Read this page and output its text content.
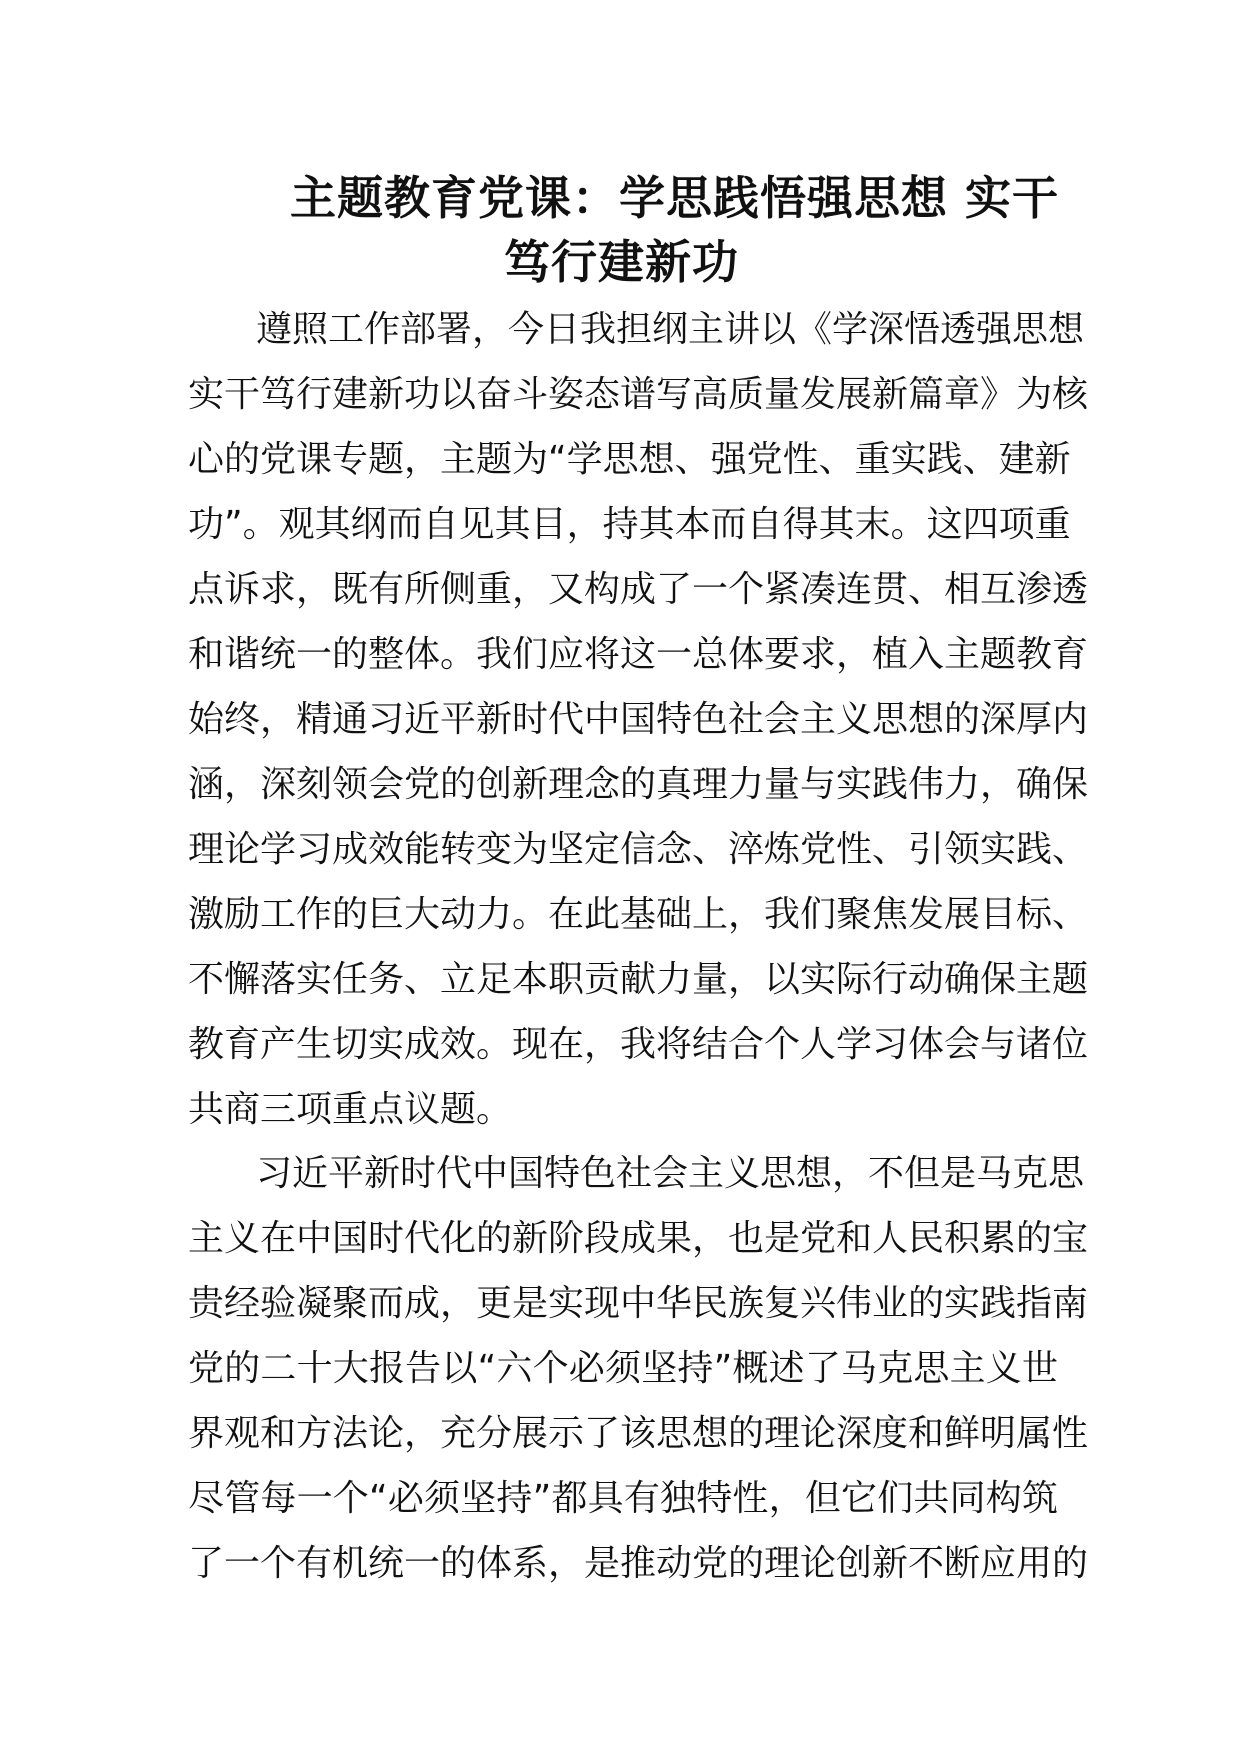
主题教育党课：学思践悟强思想 实干
笃行建新功
遵照工作部署，今日我担纲主讲以《学深悟透强思想
实干笃行建新功以奋斗姿态谱写高质量发展新篇章》为核
心的党课专题，主题为“学思想、强党性、重实践、建新
功”。观其纲而自见其目，持其本而自得其末。这四项重
点诉求，既有所侧重，又构成了一个紧凑连贯、相互渗透
和谐统一的整体。我们应将这一总体要求，植入主题教育
始终，精通习近平新时代中国特色社会主义思想的深厚内
涵，深刻领会党的创新理念的真理力量与实践伟力，确保
理论学习成效能转变为坚定信念、淬炼党性、引领实践、
激励工作的巨大动力。在此基础上，我们聚焦发展目标、
不懈落实任务、立足本职贡献力量，以实际行动确保主题
教育产生切实成效。现在，我将结合个人学习体会与诸位
共商三项重点议题。
习近平新时代中国特色社会主义思想，不但是马克思
主义在中国时代化的新阶段成果，也是党和人民积累的宝
贵经验凝聚而成，更是实现中华民族复兴伟业的实践指南
党的二十大报告以“六个必须坚持”概述了马克思主义世
界观和方法论，充分展示了该思想的理论深度和鲜明属性
尽管每一个“必须坚持”都具有独特性，但它们共同构筑
了一个有机统一的体系，是推动党的理论创新不断应用的
